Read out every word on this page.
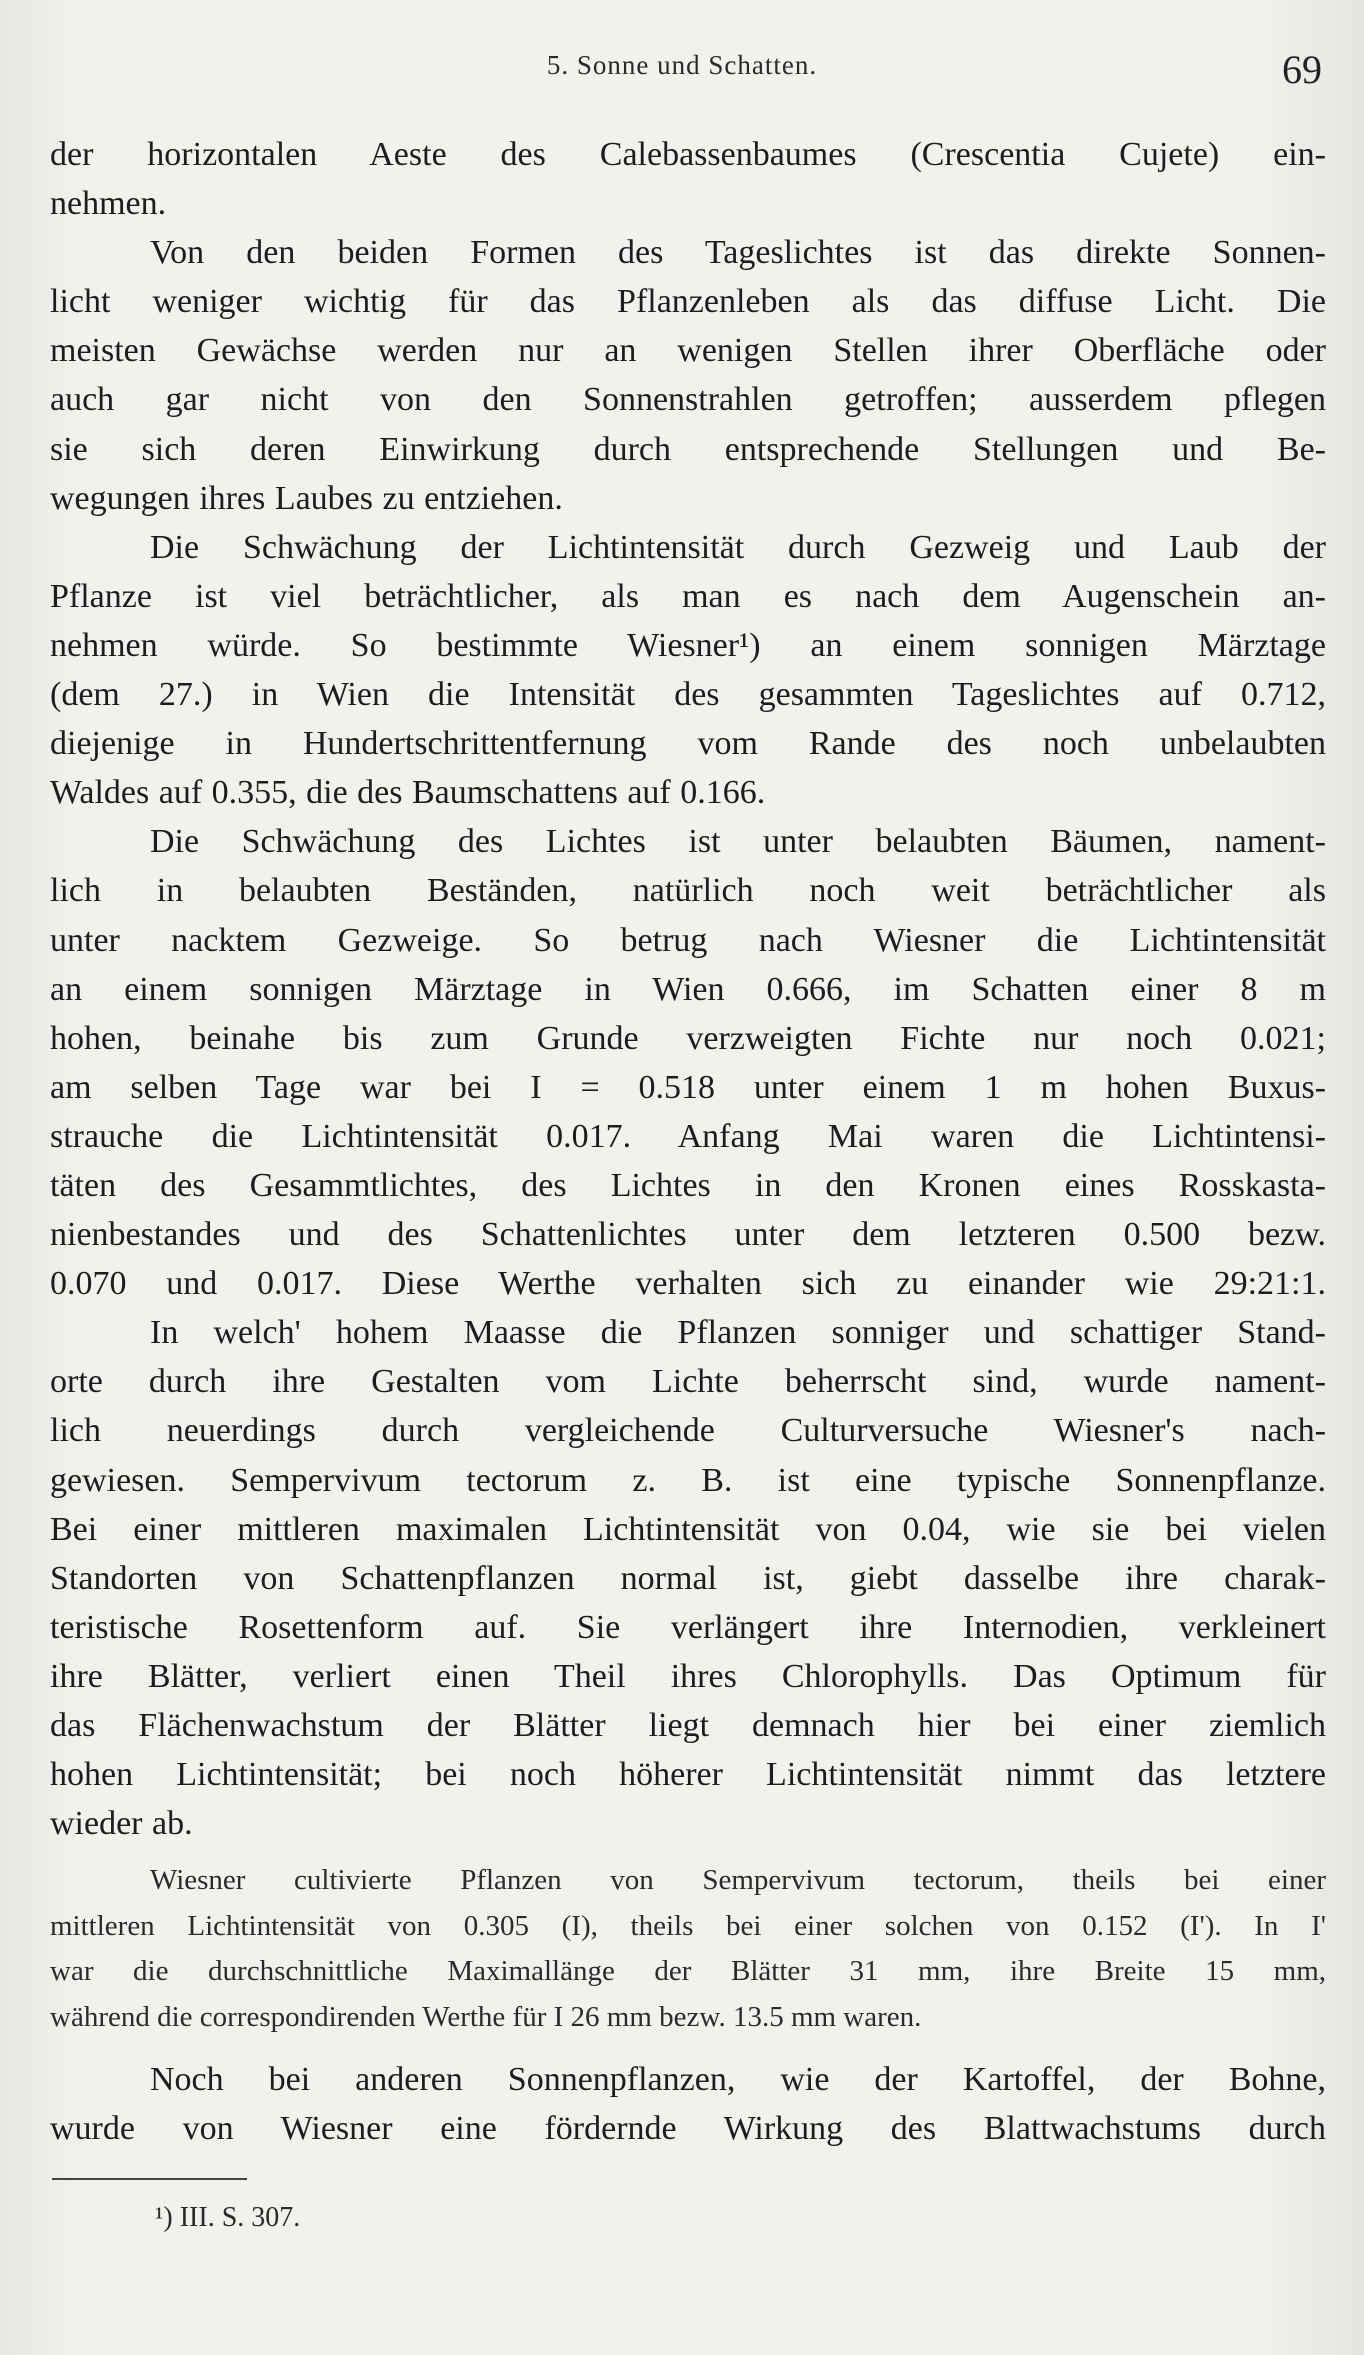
5. Sonne und Schatten.	69
der horizontalen Aeste des Calebassenbaumes (Crescentia Cujete) ein-
nehmen.
Von den beiden Formen des Tageslichtes ist das direkte Sonnen-
licht weniger wichtig für das Pflanzenleben als das diffuse Licht. Die
meisten Gewächse werden nur an wenigen Stellen ihrer Oberfläche oder
auch gar nicht von den Sonnenstrahlen getroffen; ausserdem pflegen
sie sich deren Einwirkung durch entsprechende Stellungen und Be-
wegungen ihres Laubes zu entziehen.
Die Schwächung der Lichtintensität durch Gezweig und Laub der
Pflanze ist viel beträchtlicher, als man es nach dem Augenschein an-
nehmen würde. So bestimmte Wiesner¹) an einem sonnigen Märztage
(dem 27.) in Wien die Intensität des gesammten Tageslichtes auf 0.712,
diejenige in Hundertschrittentfernung vom Rande des noch unbelaubten
Waldes auf 0.355, die des Baumschattens auf 0.166.
Die Schwächung des Lichtes ist unter belaubten Bäumen, nament-
lich in belaubten Beständen, natürlich noch weit beträchtlicher als
unter nacktem Gezweige. So betrug nach Wiesner die Lichtintensität
an einem sonnigen Märztage in Wien 0.666, im Schatten einer 8 m
hohen, beinahe bis zum Grunde verzweigten Fichte nur noch 0.021;
am selben Tage war bei I = 0.518 unter einem 1 m hohen Buxus-
strauche die Lichtintensität 0.017. Anfang Mai waren die Lichtintensi-
täten des Gesammtlichtes, des Lichtes in den Kronen eines Rosskasta-
nienbestandes und des Schattenlichtes unter dem letzteren 0.500 bezw.
0.070 und 0.017. Diese Werthe verhalten sich zu einander wie 29:21:1.
In welch' hohem Maasse die Pflanzen sonniger und schattiger Stand-
orte durch ihre Gestalten vom Lichte beherrscht sind, wurde nament-
lich neuerdings durch vergleichende Culturversuche Wiesner's nach-
gewiesen. Sempervivum tectorum z. B. ist eine typische Sonnenpflanze.
Bei einer mittleren maximalen Lichtintensität von 0.04, wie sie bei vielen
Standorten von Schattenpflanzen normal ist, giebt dasselbe ihre charak-
teristische Rosettenform auf. Sie verlängert ihre Internodien, verkleinert
ihre Blätter, verliert einen Theil ihres Chlorophylls. Das Optimum für
das Flächenwachstum der Blätter liegt demnach hier bei einer ziemlich
hohen Lichtintensität; bei noch höherer Lichtintensität nimmt das letztere
wieder ab.
Wiesner cultivierte Pflanzen von Sempervivum tectorum, theils bei einer
mittleren Lichtintensität von 0.305 (I), theils bei einer solchen von 0.152 (I'). In I'
war die durchschnittliche Maximallänge der Blätter 31 mm, ihre Breite 15 mm,
während die correspondirenden Werthe für I 26 mm bezw. 13.5 mm waren.
Noch bei anderen Sonnenpflanzen, wie der Kartoffel, der Bohne,
wurde von Wiesner eine fördernde Wirkung des Blattwachstums durch
¹) III. S. 307.
